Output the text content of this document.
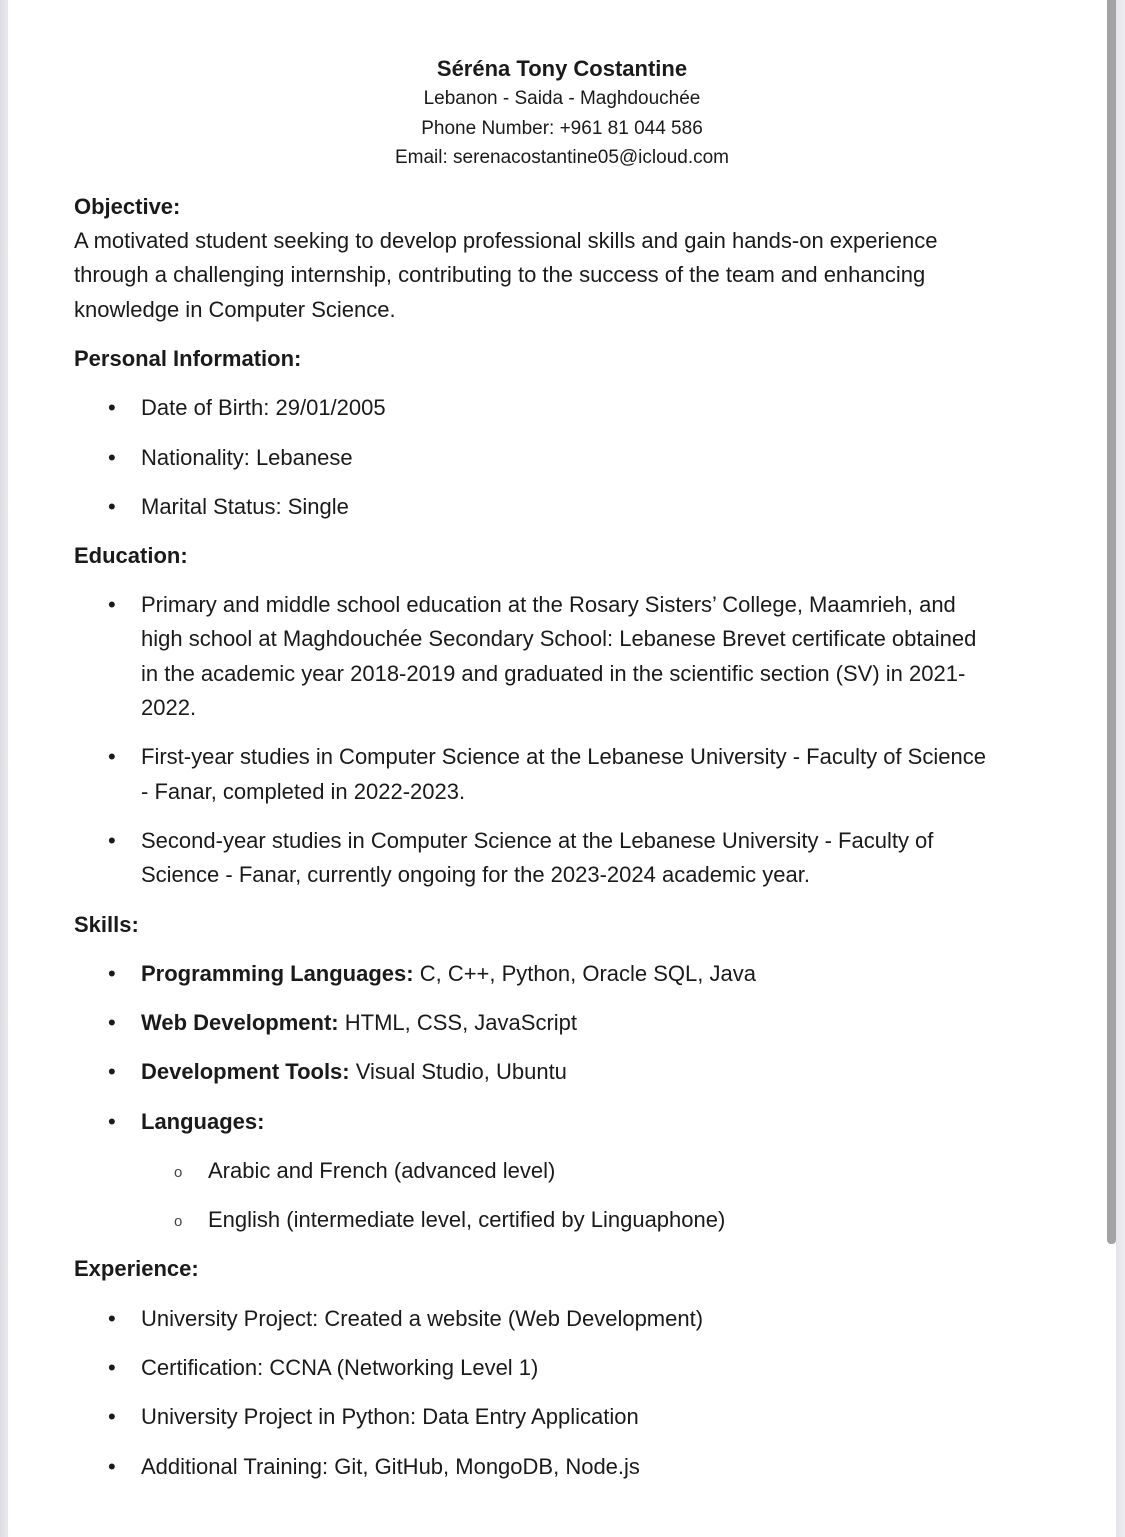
Séréna Tony Costantine
Lebanon - Saida - Maghdouchée
Phone Number: +961 81 044 586
Email: serenacostantine05@icloud.com
Objective:
A motivated student seeking to develop professional skills and gain hands-on experience
through a challenging internship, contributing to the success of the team and enhancing
knowledge in Computer Science.
Personal Information:
• Date of Birth: 29/01/2005
• Nationality: Lebanese
• Marital Status: Single
Education:
• Primary and middle school education at the Rosary Sisters’ College, Maamrieh, and
high school at Maghdouchée Secondary School: Lebanese Brevet certificate obtained
in the academic year 2018-2019 and graduated in the scientific section (SV) in 2021-
2022.
• First-year studies in Computer Science at the Lebanese University - Faculty of Science
- Fanar, completed in 2022-2023.
• Second-year studies in Computer Science at the Lebanese University - Faculty of
Science - Fanar, currently ongoing for the 2023-2024 academic year.
Skills:
• Programming Languages: C, C++, Python, Oracle SQL, Java
• Web Development: HTML, CSS, JavaScript
• Development Tools: Visual Studio, Ubuntu
• Languages:
o Arabic and French (advanced level)
o English (intermediate level, certified by Linguaphone)
Experience:
• University Project: Created a website (Web Development)
• Certification: CCNA (Networking Level 1)
• University Project in Python: Data Entry Application
• Additional Training: Git, GitHub, MongoDB, Node.js
